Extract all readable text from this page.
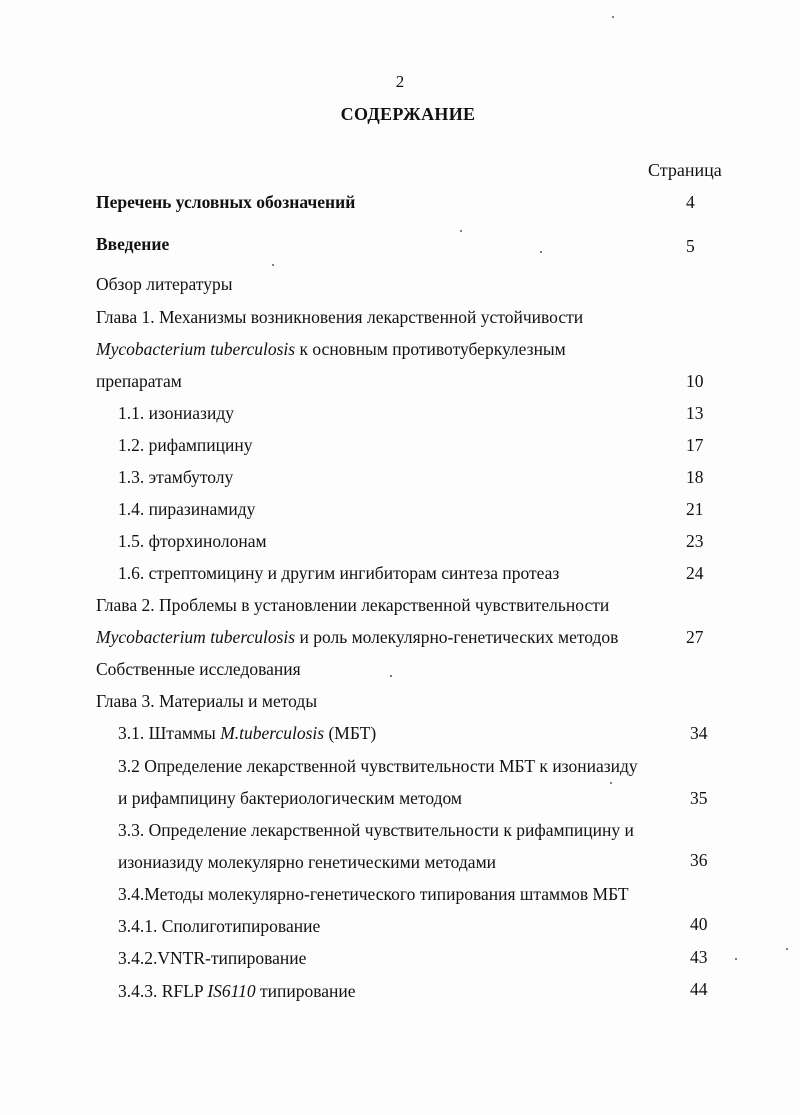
2
СОДЕРЖАНИЕ
Страница
Перечень условных обозначений	4
Введение	5
Обзор литературы
Глава 1. Механизмы возникновения лекарственной устойчивости
Mycobacterium tuberculosis к основным противотуберкулезным
препаратам	10
1.1. изониазиду	13
1.2. рифампицину	17
1.3. этамбутолу	18
1.4. пиразинамиду	21
1.5. фторхинолонам	23
1.6. стрептомицину и другим ингибиторам синтеза протеаз	24
Глава 2. Проблемы в установлении лекарственной чувствительности
Mycobacterium tuberculosis и роль молекулярно-генетических методов	27
Собственные исследования
Глава 3. Материалы и методы
3.1. Штаммы M.tuberculosis (МБТ)	34
3.2 Определение лекарственной чувствительности МБТ к изониазиду
и рифампицину бактериологическим методом	35
3.3. Определение лекарственной чувствительности к рифампицину и
изониазиду молекулярно генетическими методами	36
3.4.Методы молекулярно-генетического типирования штаммов МБТ
3.4.1. Сполиготипирование	40
3.4.2.VNTR-типирование	43
3.4.3. RFLP IS6110 типирование	44
